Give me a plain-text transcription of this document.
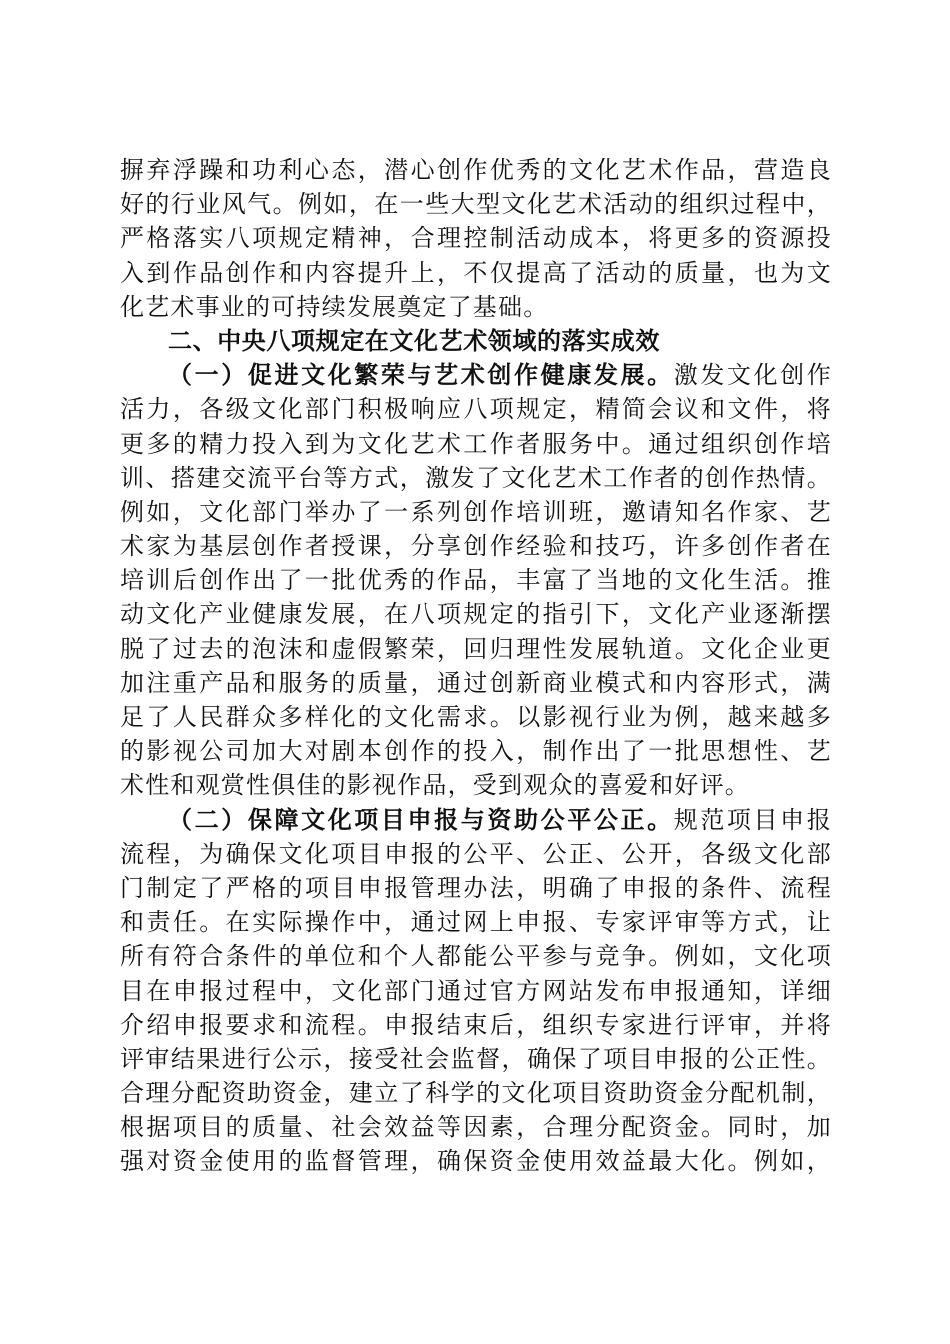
摒弃浮躁和功利心态，潜心创作优秀的文化艺术作品，营造良
好的行业风气。例如，在一些大型文化艺术活动的组织过程中，
严格落实八项规定精神，合理控制活动成本，将更多的资源投
入到作品创作和内容提升上，不仅提高了活动的质量，也为文
化艺术事业的可持续发展奠定了基础。
二、中央八项规定在文化艺术领域的落实成效
（一）促进文化繁荣与艺术创作健康发展。激发文化创作
活力，各级文化部门积极响应八项规定，精简会议和文件，将
更多的精力投入到为文化艺术工作者服务中。通过组织创作培
训、搭建交流平台等方式，激发了文化艺术工作者的创作热情。
例如，文化部门举办了一系列创作培训班，邀请知名作家、艺
术家为基层创作者授课，分享创作经验和技巧，许多创作者在
培训后创作出了一批优秀的作品，丰富了当地的文化生活。推
动文化产业健康发展，在八项规定的指引下，文化产业逐渐摆
脱了过去的泡沫和虚假繁荣，回归理性发展轨道。文化企业更
加注重产品和服务的质量，通过创新商业模式和内容形式，满
足了人民群众多样化的文化需求。以影视行业为例，越来越多
的影视公司加大对剧本创作的投入，制作出了一批思想性、艺
术性和观赏性俱佳的影视作品，受到观众的喜爱和好评。
（二）保障文化项目申报与资助公平公正。规范项目申报
流程，为确保文化项目申报的公平、公正、公开，各级文化部
门制定了严格的项目申报管理办法，明确了申报的条件、流程
和责任。在实际操作中，通过网上申报、专家评审等方式，让
所有符合条件的单位和个人都能公平参与竞争。例如，文化项
目在申报过程中，文化部门通过官方网站发布申报通知，详细
介绍申报要求和流程。申报结束后，组织专家进行评审，并将
评审结果进行公示，接受社会监督，确保了项目申报的公正性。
合理分配资助资金，建立了科学的文化项目资助资金分配机制，
根据项目的质量、社会效益等因素，合理分配资金。同时，加
强对资金使用的监督管理，确保资金使用效益最大化。例如，
